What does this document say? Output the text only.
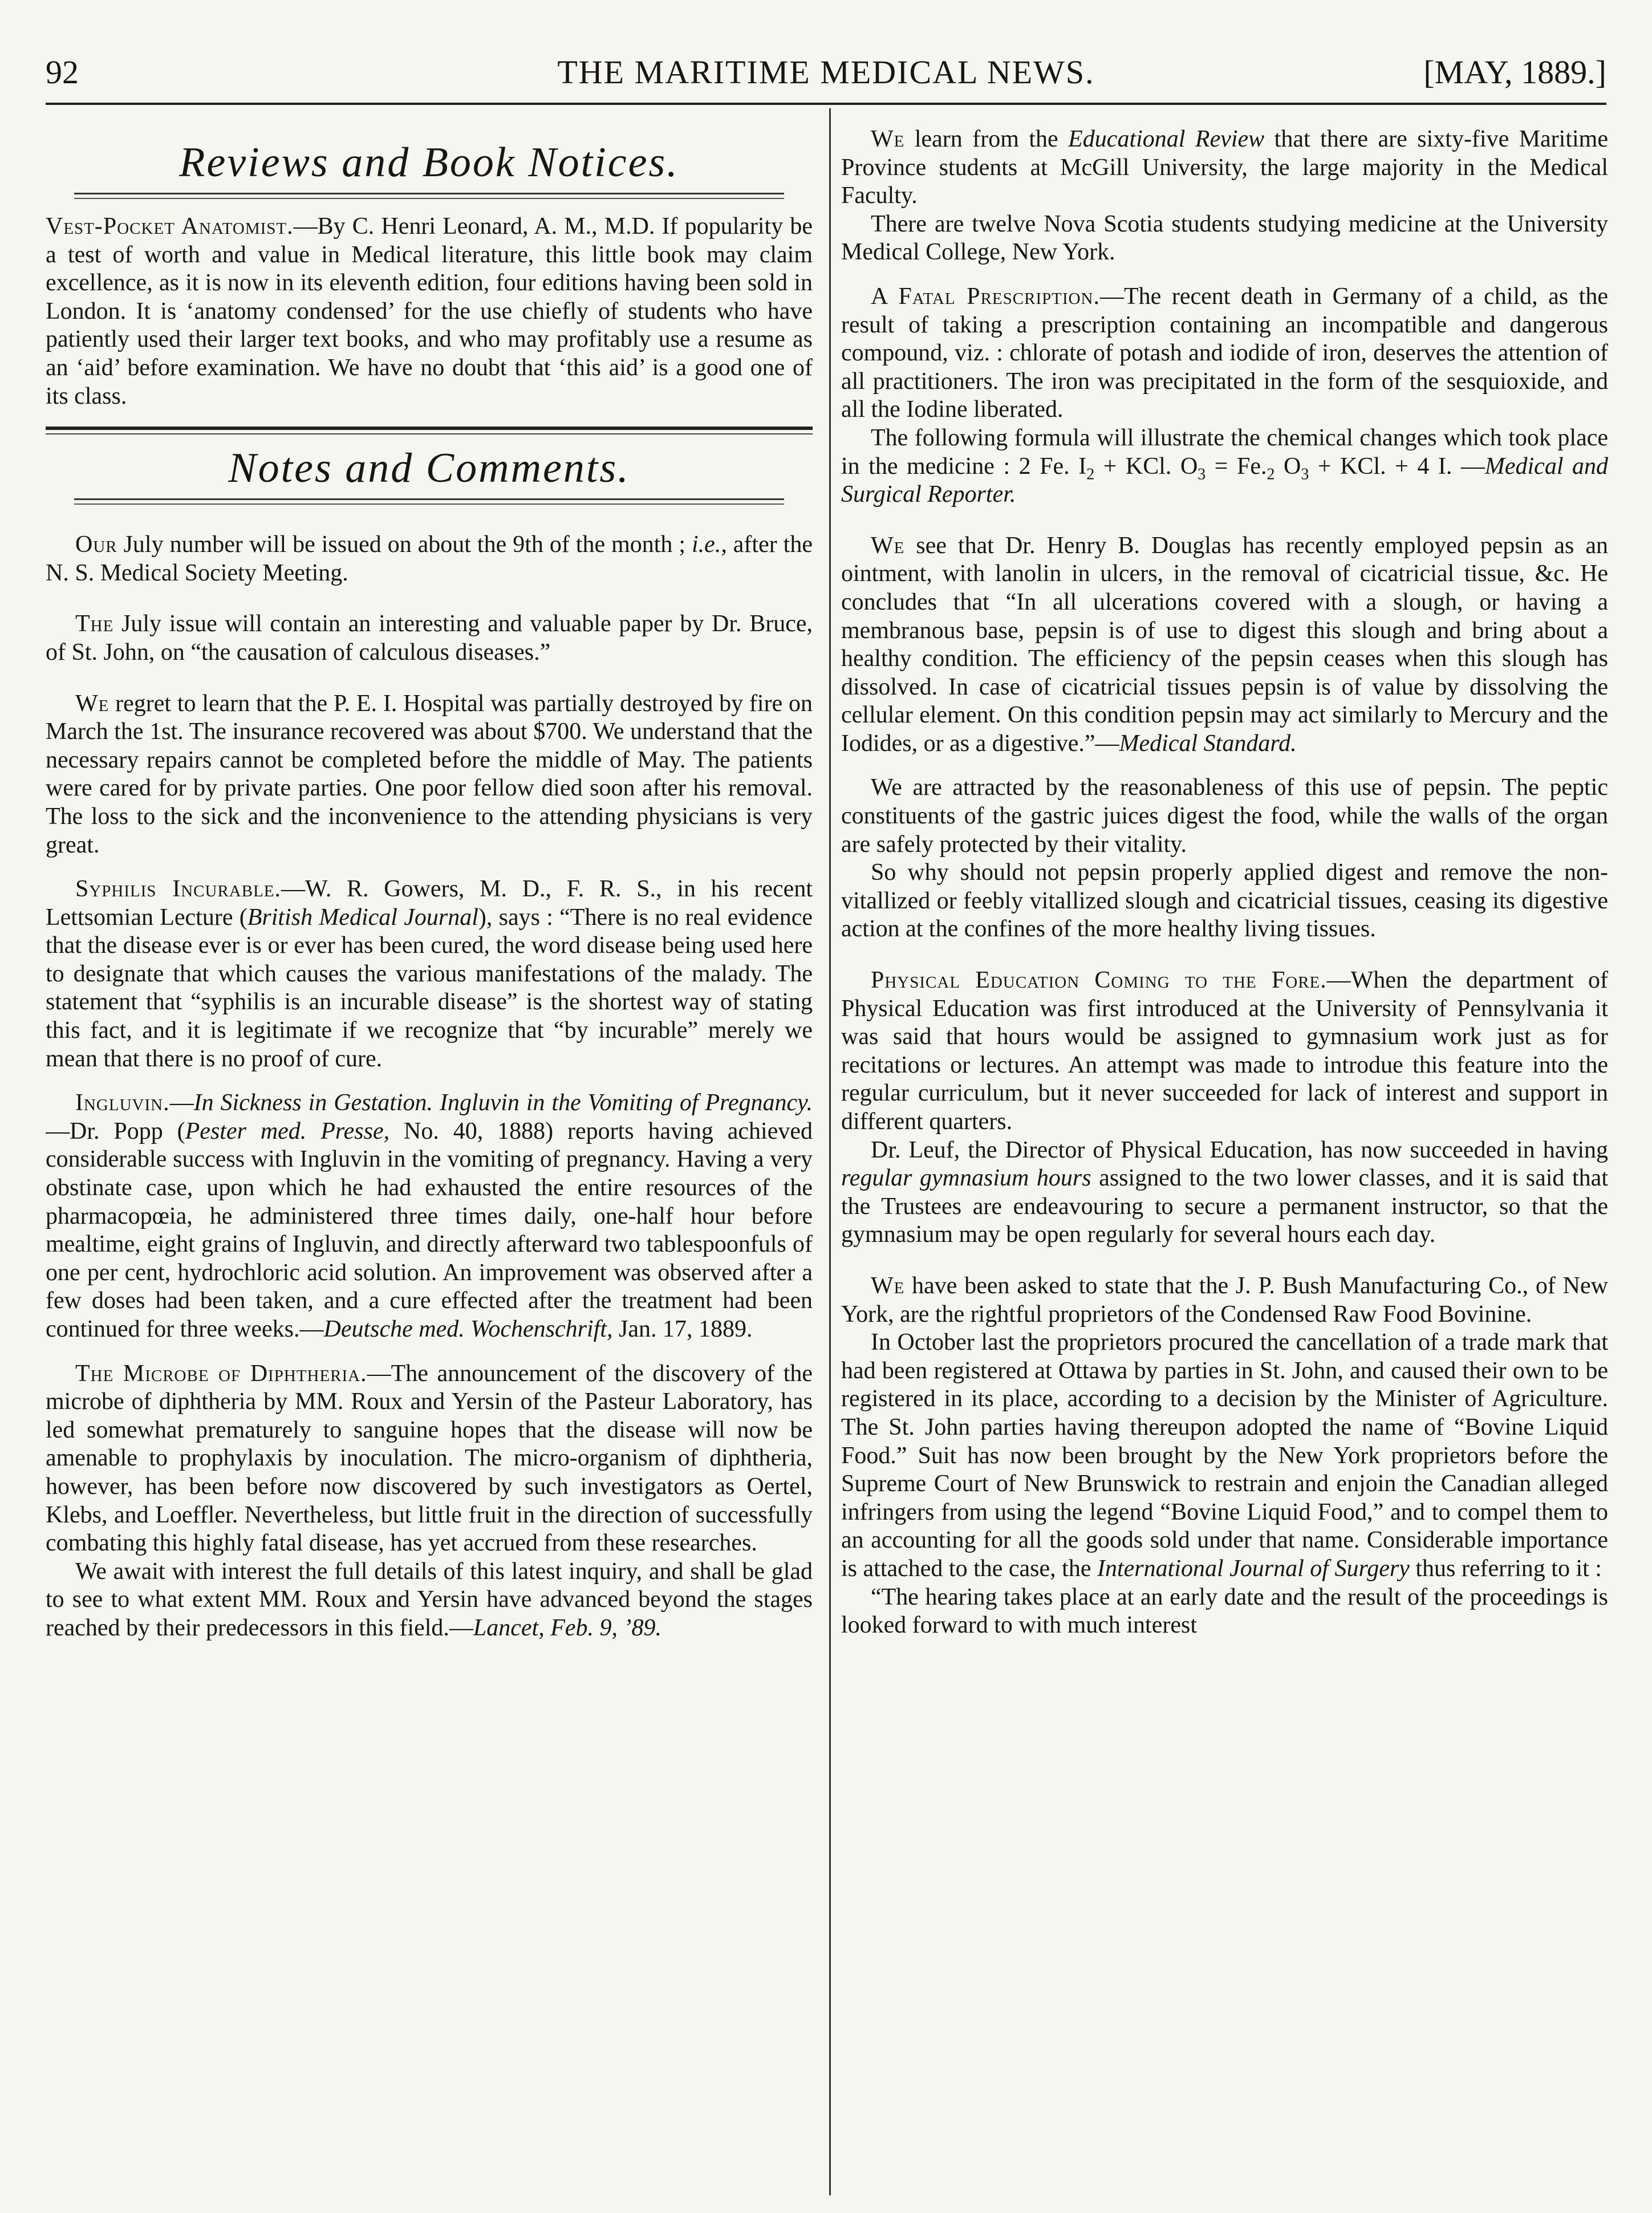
92	THE MARITIME MEDICAL NEWS.	[MAY, 1889.]
Reviews and Book Notices.

Vest-Pocket Anatomist.—By C. Henri Leonard, A. M., M.D. If popularity be a test of worth and value in Medical literature, this little book may claim excellence, as it is now in its eleventh edition, four editions having been sold in London. It is ‘anatomy condensed’ for the use chiefly of students who have patiently used their larger text books, and who may profitably use a resume as an ‘aid’ before examination. We have no doubt that ‘this aid’ is a good one of its class.

Notes and Comments.

Our July number will be issued on about the 9th of the month ; i.e., after the N. S. Medical Society Meeting.

The July issue will contain an interesting and valuable paper by Dr. Bruce, of St. John, on “the causation of calculous diseases.”

We regret to learn that the P. E. I. Hospital was partially destroyed by fire on March the 1st. The insurance recovered was about $700. We understand that the necessary repairs cannot be completed before the middle of May. The patients were cared for by private parties. One poor fellow died soon after his removal. The loss to the sick and the inconvenience to the attending physicians is very great.

Syphilis Incurable.—W. R. Gowers, M. D., F. R. S., in his recent Lettsomian Lecture (British Medical Journal), says : “There is no real evidence that the disease ever is or ever has been cured, the word disease being used here to designate that which causes the various manifestations of the malady. The statement that “syphilis is an incurable disease” is the shortest way of stating this fact, and it is legitimate if we recognize that “by incurable” merely we mean that there is no proof of cure.

Ingluvin.—In Sickness in Gestation. Ingluvin in the Vomiting of Pregnancy.—Dr. Popp (Pester med. Presse, No. 40, 1888) reports having achieved considerable success with Ingluvin in the vomiting of pregnancy. Having a very obstinate case, upon which he had exhausted the entire resources of the pharmacopœia, he administered three times daily, one-half hour before mealtime, eight grains of Ingluvin, and directly afterward two tablespoonfuls of one per cent, hydrochloric acid solution. An improvement was observed after a few doses had been taken, and a cure effected after the treatment had been continued for three weeks.—Deutsche med. Wochenschrift, Jan. 17, 1889.

The Microbe of Diphtheria.—The announcement of the discovery of the microbe of diphtheria by MM. Roux and Yersin of the Pasteur Laboratory, has led somewhat prematurely to sanguine hopes that the disease will now be amenable to prophylaxis by inoculation. The micro-organism of diphtheria, however, has been before now discovered by such investigators as Oertel, Klebs, and Loeffler. Nevertheless, but little fruit in the direction of successfully combating this highly fatal disease, has yet accrued from these researches.

We await with interest the full details of this latest inquiry, and shall be glad to see to what extent MM. Roux and Yersin have advanced beyond the stages reached by their predecessors in this field.—Lancet, Feb. 9, ’89.

We learn from the Educational Review that there are sixty-five Maritime Province students at McGill University, the large majority in the Medical Faculty.

There are twelve Nova Scotia students studying medicine at the University Medical College, New York.

A Fatal Prescription.—The recent death in Germany of a child, as the result of taking a prescription containing an incompatible and dangerous compound, viz. : chlorate of potash and iodide of iron, deserves the attention of all practitioners. The iron was precipitated in the form of the sesquioxide, and all the Iodine liberated.

The following formula will illustrate the chemical changes which took place in the medicine : 2 Fe. $I_2$ + KCl. $O_3 = Fe._2$ $O_3$ + KCl. + 4 I. —Medical and Surgical Reporter.

We see that Dr. Henry B. Douglas has recently employed pepsin as an ointment, with lanolin in ulcers, in the removal of cicatricial tissue, &c. He concludes that “In all ulcerations covered with a slough, or having a membranous base, pepsin is of use to digest this slough and bring about a healthy condition. The efficiency of the pepsin ceases when this slough has dissolved. In case of cicatricial tissues pepsin is of value by dissolving the cellular element. On this condition pepsin may act similarly to Mercury and the Iodides, or as a digestive.”—Medical Standard.

We are attracted by the reasonableness of this use of pepsin. The peptic constituents of the gastric juices digest the food, while the walls of the organ are safely protected by their vitality.

So why should not pepsin properly applied digest and remove the non-vitallized or feebly vitallized slough and cicatricial tissues, ceasing its digestive action at the confines of the more healthy living tissues.

Physical Education Coming to the Fore.—When the department of Physical Education was first introduced at the University of Pennsylvania it was said that hours would be assigned to gymnasium work just as for recitations or lectures. An attempt was made to introdue this feature into the regular curriculum, but it never succeeded for lack of interest and support in different quarters.

Dr. Leuf, the Director of Physical Education, has now succeeded in having regular gymnasium hours assigned to the two lower classes, and it is said that the Trustees are endeavouring to secure a permanent instructor, so that the gymnasium may be open regularly for several hours each day.

We have been asked to state that the J. P. Bush Manufacturing Co., of New York, are the rightful proprietors of the Condensed Raw Food Bovinine.

In October last the proprietors procured the cancellation of a trade mark that had been registered at Ottawa by parties in St. John, and caused their own to be registered in its place, according to a decision by the Minister of Agriculture. The St. John parties having thereupon adopted the name of “Bovine Liquid Food.” Suit has now been brought by the New York proprietors before the Supreme Court of New Brunswick to restrain and enjoin the Canadian alleged infringers from using the legend “Bovine Liquid Food,” and to compel them to an accounting for all the goods sold under that name. Considerable importance is attached to the case, the International Journal of Surgery thus referring to it :

“The hearing takes place at an early date and the result of the proceedings is looked forward to with much interest
